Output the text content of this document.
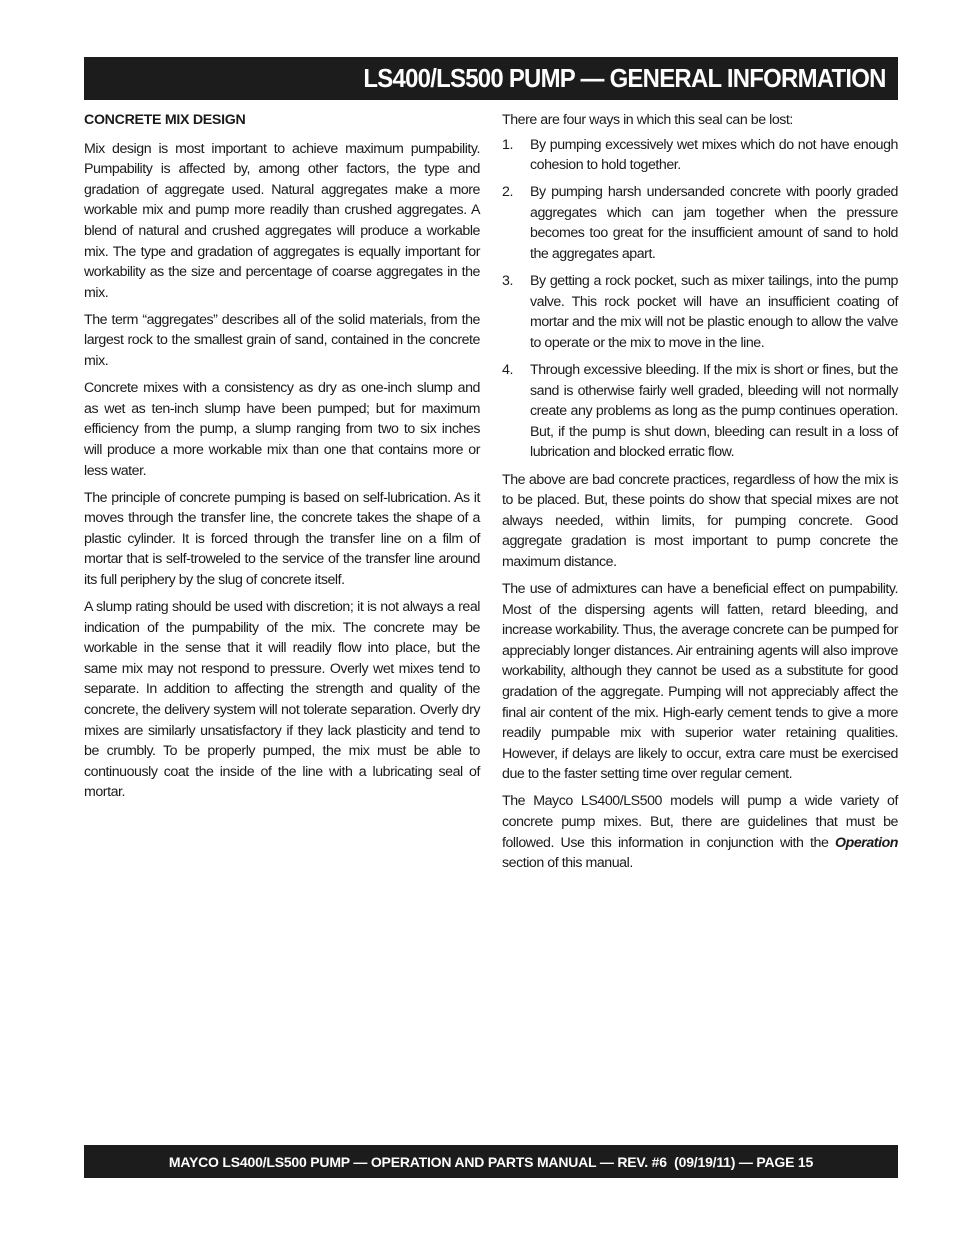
LS400/LS500 PUMP — GENERAL INFORMATION
CONCRETE MIX DESIGN

Mix design is most important to achieve maximum pumpability. Pumpability is affected by, among other factors, the type and gradation of aggregate used. Natural aggregates make a more workable mix and pump more readily than crushed aggregates. A blend of natural and crushed aggregates will produce a workable mix. The type and gradation of aggregates is equally important for workability as the size and percentage of coarse aggregates in the mix.

The term “aggregates” describes all of the solid materials, from the largest rock to the smallest grain of sand, contained in the concrete mix.

Concrete mixes with a consistency as dry as one-inch slump and as wet as ten-inch slump have been pumped; but for maximum efficiency from the pump, a slump ranging from two to six inches will produce a more workable mix than one that contains more or less water.

The principle of concrete pumping is based on self-lubrication. As it moves through the transfer line, the concrete takes the shape of a plastic cylinder. It is forced through the transfer line on a film of mortar that is self-troweled to the service of the transfer line around its full periphery by the slug of concrete itself.

A slump rating should be used with discretion; it is not always a real indication of the pumpability of the mix. The concrete may be workable in the sense that it will readily flow into place, but the same mix may not respond to pressure. Overly wet mixes tend to separate. In addition to affecting the strength and quality of the concrete, the delivery system will not tolerate separation. Overly dry mixes are similarly unsatisfactory if they lack plasticity and tend to be crumbly. To be properly pumped, the mix must be able to continuously coat the inside of the line with a lubricating seal of mortar.

There are four ways in which this seal can be lost:

1.	By pumping excessively wet mixes which do not have enough cohesion to hold together.
2.	By pumping harsh undersanded concrete with poorly graded aggregates which can jam together when the pressure becomes too great for the insufficient amount of sand to hold the aggregates apart.
3.	By getting a rock pocket, such as mixer tailings, into the pump valve. This rock pocket will have an insufficient coating of mortar and the mix will not be plastic enough to allow the valve to operate or the mix to move in the line.
4.	Through excessive bleeding. If the mix is short or fines, but the sand is otherwise fairly well graded, bleeding will not normally create any problems as long as the pump continues operation. But, if the pump is shut down, bleeding can result in a loss of lubrication and blocked erratic flow.

The above are bad concrete practices, regardless of how the mix is to be placed. But, these points do show that special mixes are not always needed, within limits, for pumping concrete. Good aggregate gradation is most important to pump concrete the maximum distance.

The use of admixtures can have a beneficial effect on pumpability. Most of the dispersing agents will fatten, retard bleeding, and increase workability. Thus, the average concrete can be pumped for appreciably longer distances. Air entraining agents will also improve workability, although they cannot be used as a substitute for good gradation of the aggregate. Pumping will not appreciably affect the final air content of the mix. High-early cement tends to give a more readily pumpable mix with superior water retaining qualities. However, if delays are likely to occur, extra care must be exercised due to the faster setting time over regular cement.

The Mayco LS400/LS500 models will pump a wide variety of concrete pump mixes. But, there are guidelines that must be followed. Use this information in conjunction with the Operation section of this manual.

MAYCO LS400/LS500 PUMP — OPERATION AND PARTS MANUAL — REV. #6  (09/19/11) — PAGE 15
